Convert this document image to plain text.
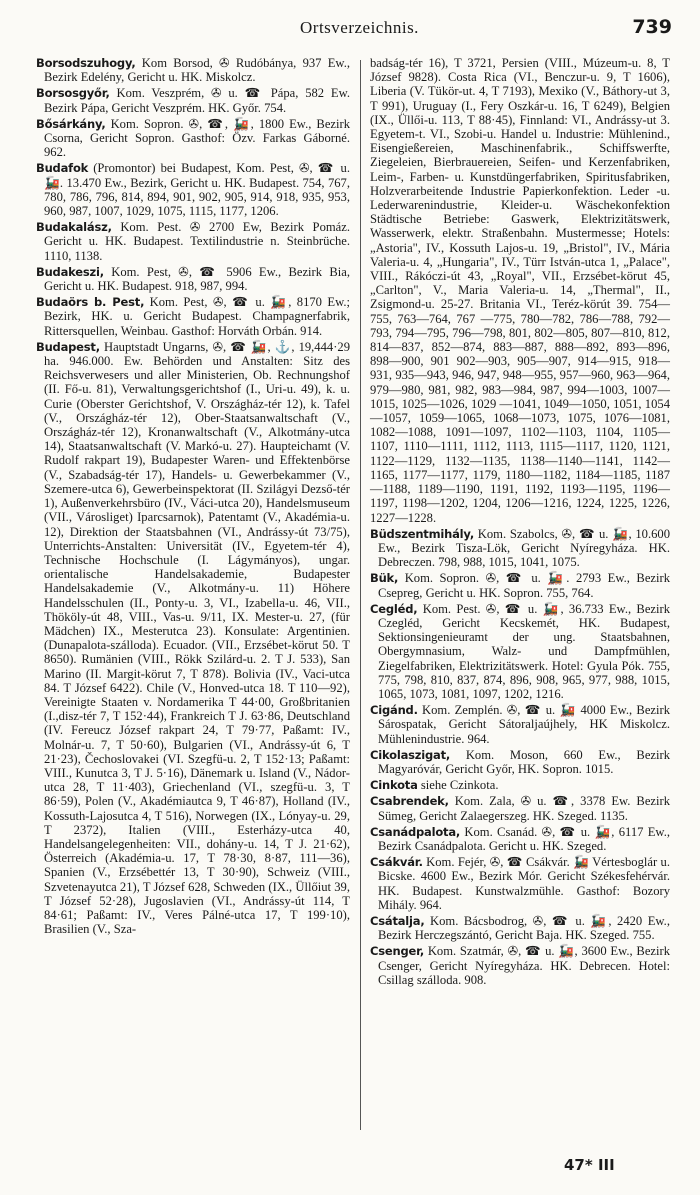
Ortsverzeichnis.	739

Borsodszuhogy, Kom Borsod, ✇ Rudóbánya, 937 Ew., Bezirk Edelény, Gericht u. HK. Miskolcz.

Borsosgyőr, Kom. Veszprém, ✇ u. ☎ Pápa, 582 Ew. Bezirk Pápa, Gericht Veszprém. HK. Győr. 754.

Bősárkány, Kom. Sopron. ✇, ☎, 🚂, 1800 Ew., Bezirk Csorna, Gericht Sopron. Gasthof: Özv. Farkas Gáborné. 962.

Budafok (Promontor) bei Budapest, Kom. Pest, ✇, ☎ u. 🚂. 13.470 Ew., Bezirk, Gericht u. HK. Budapest. 754, 767, 780, 786, 796, 814, 894, 901, 902, 905, 914, 918, 935, 953, 960, 987, 1007, 1029, 1075, 1115, 1177, 1206.

Budakalász, Kom. Pest. ✇ 2700 Ew, Bezirk Pomáz. Gericht u. HK. Budapest. Textilindustrie n. Steinbrüche. 1110, 1138.

Budakeszi, Kom. Pest, ✇, ☎ 5906 Ew., Bezirk Bia, Gericht u. HK. Budapest. 918, 987, 994.

Budaörs b. Pest, Kom. Pest, ✇, ☎ u. 🚂, 8170 Ew.; Bezirk, HK. u. Gericht Budapest. Champagnerfabrik, Rittersquellen, Weinbau. Gasthof: Horváth Orbán. 914.

Budapest, Hauptstadt Ungarns, ✇, ☎ 🚂, ⚓, 19,444·29 ha. 946.000. Ew. Behörden und Anstalten: Sitz des Reichsverwesers und aller Ministerien, Ob. Rechnungshof (II. Fő-u. 81), Verwaltungsgerichtshof (I., Uri-u. 49), k. u. Curie (Oberster Gerichtshof, V. Országház-tér 12), k. Tafel (V., Országház-tér 12), Ober-Staatsanwaltschaft (V., Országház-tér 12), Kronanwaltschaft (V., Alkotmány-utca 14), Staatsanwaltschaft (V. Markó-u. 27). Haupteichamt (V. Rudolf rakpart 19), Budapester Waren- und Effektenbörse (V., Szabadság-tér 17), Handels- u. Gewerbekammer (V., Szemere-utca 6), Gewerbeinspektorat (II. Szilágyi Dezső-tér 1), Außenverkehrsbüro (IV., Váci-utca 20), Handelsmuseum (VII., Városliget) Iparcsarnok), Patentamt (V., Akadémia-u. 12), Direktion der Staatsbahnen (VI., Andrássy-út 73/75), Unterrichts-Anstalten: Universität (IV., Egyetem-tér 4), Technische Hochschule (I. Lágymányos), ungar. orientalische Handelsakademie, Budapester Handelsakademie (V., Alkotmány-u. 11) Höhere Handelsschulen (II., Ponty-u. 3, VI., Izabella-u. 46, VII., Thököly-út 48, VIII., Vas-u. 9/11, IX. Mester-u. 27, (für Mädchen) IX., Mesterutca 23). Konsulate: Argentinien. (Dunapalota-szálloda). Ecuador. (VII., Erzsébet-körut 50. T 8650). Rumänien (VIII., Rökk Szilárd-u. 2. T J. 533), San Marino (II. Margit-körut 7, T 878). Bolivia (IV., Vaci-utca 84. T József 6422). Chile (V., Honved-utca 18. T 110—92), Vereinigte Staaten v. Nordamerika T 44·00, Großbritanien (I.,disz-tér 7, T 152·44), Frankreich T J. 63·86, Deutschland (IV. Fereucz József rakpart 24, T 79·77, Paßamt: IV., Molnár-u. 7, T 50·60), Bulgarien (VI., Andrássy-út 6, T 21·23), Čechoslovakei (VI. Szegfü-u. 2, T 152·13; Paßamt: VIII., Kunutca 3, T J. 5·16), Dänemark u. Island (V., Nádor-utca 28, T 11·403), Griechenland (VI., szegfü-u. 3, T 86·59), Polen (V., Akadémiautca 9, T 46·87), Holland (IV., Kossuth-Lajosutca 4, T 516), Norwegen (IX., Lónyay-u. 29, T 2372), Italien (VIII., Esterházy-utca 40, Handelsangelegenheiten: VII., dohány-u. 14, T J. 21·62), Österreich (Akadémia-u. 17, T 78·30, 8·87, 111—36), Spanien (V., Erzsébettér 13, T 30·90), Schweiz (VIII., Szvetenayutca 21), T József 628, Schweden (IX., Üllőiut 39, T József 52·28), Jugoslavien (VI., Andrássy-út 114, T 84·61; Paßamt: IV., Veres Pálné-utca 17, T 199·10), Brasilien (V., Sza-

badság-tér 16), T 3721, Persien (VIII., Múzeum-u. 8, T József 9828). Costa Rica (VI., Benczur-u. 9, T 1606), Liberia (V. Tükör-ut. 4, T 7193), Mexiko (V., Báthory-ut 3, T 991), Uruguay (I., Fery Oszkár-u. 16, T 6249), Belgien (IX., Üllői-u. 113, T 88·45), Finnland: VI., Andrássy-ut 3. Egyetem-t. VI., Szobi-u. Handel u. Industrie: Mühlenind., Eisengießereien, Maschinenfabrik., Schiffswerfte, Ziegeleien, Bierbrauereien, Seifen- und Kerzenfabriken, Leim-, Farben- u. Kunstdüngerfabriken, Spiritusfabriken, Holzverarbeitende Industrie Papierkonfektion. Leder -u. Lederwarenindustrie, Kleider-u. Wäschekonfektion Städtische Betriebe: Gaswerk, Elektrizitätswerk, Wasserwerk, elektr. Straßenbahn. Mustermesse; Hotels: „Astoria", IV., Kossuth Lajos-u. 19, „Bristol", IV., Mária Valeria-u. 4, „Hungaria", IV., Türr István-utca 1, „Palace", VIII., Rákóczi-út 43, „Royal", VII., Erzsébet-körut 45, „Carlton", V., Maria Valeria-u. 14, „Thermal", II., Zsigmond-u. 25-27. Britania VI., Teréz-körút 39. 754—755, 763—764, 767 —775, 780—782, 786—788, 792—793, 794—795, 796—798, 801, 802—805, 807—810, 812, 814—837, 852—874, 883—887, 888—892, 893—896, 898—900, 901 902—903, 905—907, 914—915, 918—931, 935—943, 946, 947, 948—955, 957—960, 963—964, 979—980, 981, 982, 983—984, 987, 994—1003, 1007—1015, 1025—1026, 1029 —1041, 1049—1050, 1051, 1054—1057, 1059—1065, 1068—1073, 1075, 1076—1081, 1082—1088, 1091—1097, 1102—1103, 1104, 1105—1107, 1110—1111, 1112, 1113, 1115—1117, 1120, 1121, 1122—1129, 1132—1135, 1138—1140—1141, 1142—1165, 1177—1177, 1179, 1180—1182, 1184—1185, 1187—1188, 1189—1190, 1191, 1192, 1193—1195, 1196—1197, 1198—1202, 1204, 1206—1216, 1224, 1225, 1226, 1227—1228.

Büdszentmihály, Kom. Szabolcs, ✇, ☎ u. 🚂, 10.600 Ew., Bezirk Tisza-Lök, Gericht Nyíregyháza. HK. Debreczen. 798, 988, 1015, 1041, 1075.

Bük, Kom. Sopron. ✇, ☎ u. 🚂. 2793 Ew., Bezirk Csepreg, Gericht u. HK. Sopron. 755, 764.

Cegléd, Kom. Pest. ✇, ☎ u. 🚂, 36.733 Ew., Bezirk Czegléd, Gericht Kecskemét, HK. Budapest, Sektionsingenieuramt der ung. Staatsbahnen, Obergymnasium, Walz- und Dampfmühlen, Ziegelfabriken, Elektrizitätswerk. Hotel: Gyula Pók. 755, 775, 798, 810, 837, 874, 896, 908, 965, 977, 988, 1015, 1065, 1073, 1081, 1097, 1202, 1216.

Cigánd. Kom. Zemplén. ✇, ☎ u. 🚂 4000 Ew., Bezirk Sárospatak, Gericht Sátoraljaújhely, HK Miskolcz. Mühlenindustrie. 964.

Cikolaszigat, Kom. Moson, 660 Ew., Bezirk Magyaróvár, Gericht Győr, HK. Sopron. 1015.

Cinkota siehe Czinkota.

Csabrendek, Kom. Zala, ✇ u. ☎, 3378 Ew. Bezirk Sümeg, Gericht Zalaegerszeg. HK. Szeged. 1135.

Csanádpalota, Kom. Csanád. ✇, ☎ u. 🚂, 6117 Ew., Bezirk Csanádpalota. Gericht u. HK. Szeged.

Csákvár. Kom. Fejér, ✇, ☎ Csákvár. 🚂 Vértesboglár u. Bicske. 4600 Ew., Bezirk Mór. Gericht Székesfehérvár. HK. Budapest. Kunstwalzmühle. Gasthof: Bozory Mihály. 964.

Csátalja, Kom. Bácsbodrog, ✇, ☎ u. 🚂, 2420 Ew., Bezirk Herczegszántó, Gericht Baja. HK. Szeged. 755.

Csenger, Kom. Szatmár, ✇, ☎ u. 🚂, 3600 Ew., Bezirk Csenger, Gericht Nyíregyháza. HK. Debrecen. Hotel: Csillag szálloda. 908.

47* III
